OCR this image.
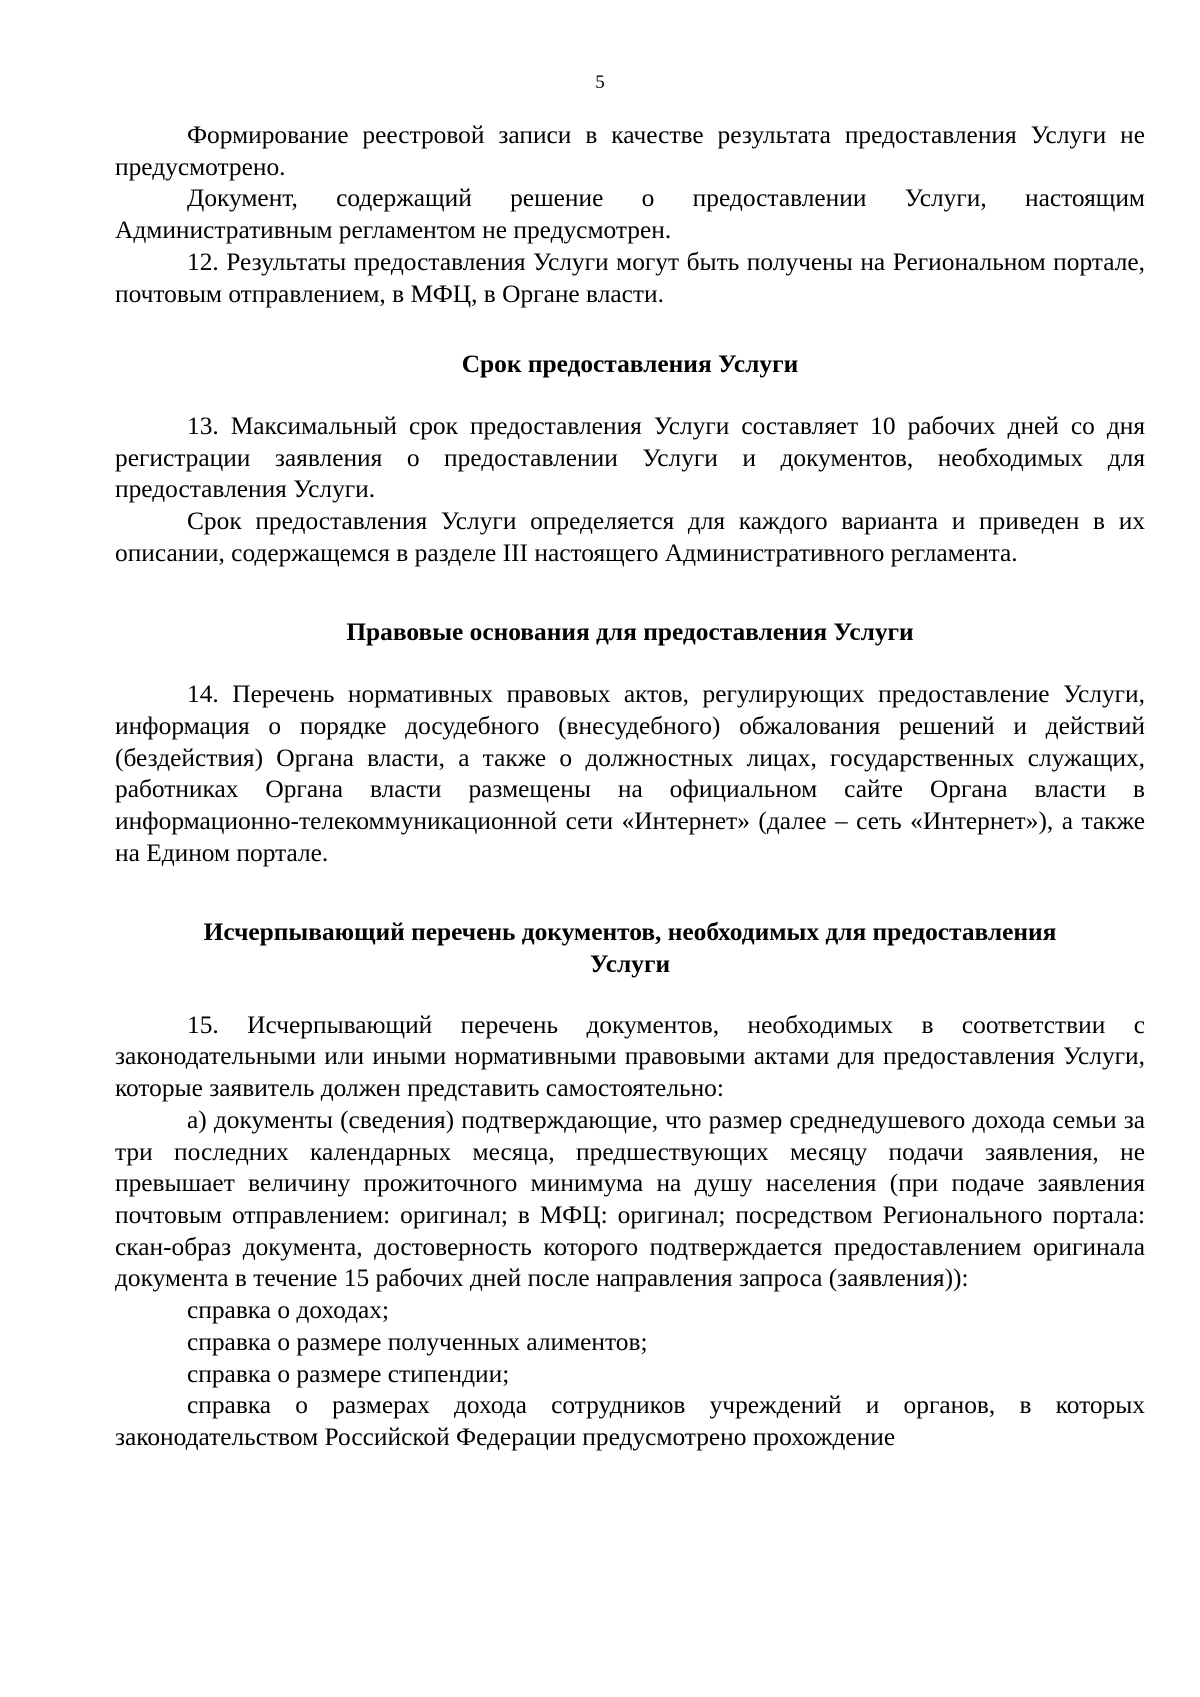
5

Формирование реестровой записи в качестве результата предоставления Услуги не предусмотрено.

Документ, содержащий решение о предоставлении Услуги, настоящим Административным регламентом не предусмотрен.

12. Результаты предоставления Услуги могут быть получены на Региональном портале, почтовым отправлением, в МФЦ, в Органе власти.

Срок предоставления Услуги

13. Максимальный срок предоставления Услуги составляет 10 рабочих дней со дня регистрации заявления о предоставлении Услуги и документов, необходимых для предоставления Услуги.

Срок предоставления Услуги определяется для каждого варианта и приведен в их описании, содержащемся в разделе III настоящего Административного регламента.

Правовые основания для предоставления Услуги

14. Перечень нормативных правовых актов, регулирующих предоставление Услуги, информация о порядке досудебного (внесудебного) обжалования решений и действий (бездействия) Органа власти, а также о должностных лицах, государственных служащих, работниках Органа власти размещены на официальном сайте Органа власти в информационно-телекоммуникационной сети «Интернет» (далее – сеть «Интернет»), а также на Едином портале.

Исчерпывающий перечень документов, необходимых для предоставления
Услуги

15. Исчерпывающий перечень документов, необходимых в соответствии с законодательными или иными нормативными правовыми актами для предоставления Услуги, которые заявитель должен представить самостоятельно:

а) документы (сведения) подтверждающие, что размер среднедушевого дохода семьи за три последних календарных месяца, предшествующих месяцу подачи заявления, не превышает величину прожиточного минимума на душу населения (при подаче заявления почтовым отправлением: оригинал; в МФЦ: оригинал; посредством Регионального портала: скан-образ документа, достоверность которого подтверждается предоставлением оригинала документа в течение 15 рабочих дней после направления запроса (заявления)):

справка о доходах;

справка о размере полученных алиментов;

справка о размере стипендии;

справка о размерах дохода сотрудников учреждений и органов, в которых законодательством Российской Федерации предусмотрено прохождение
